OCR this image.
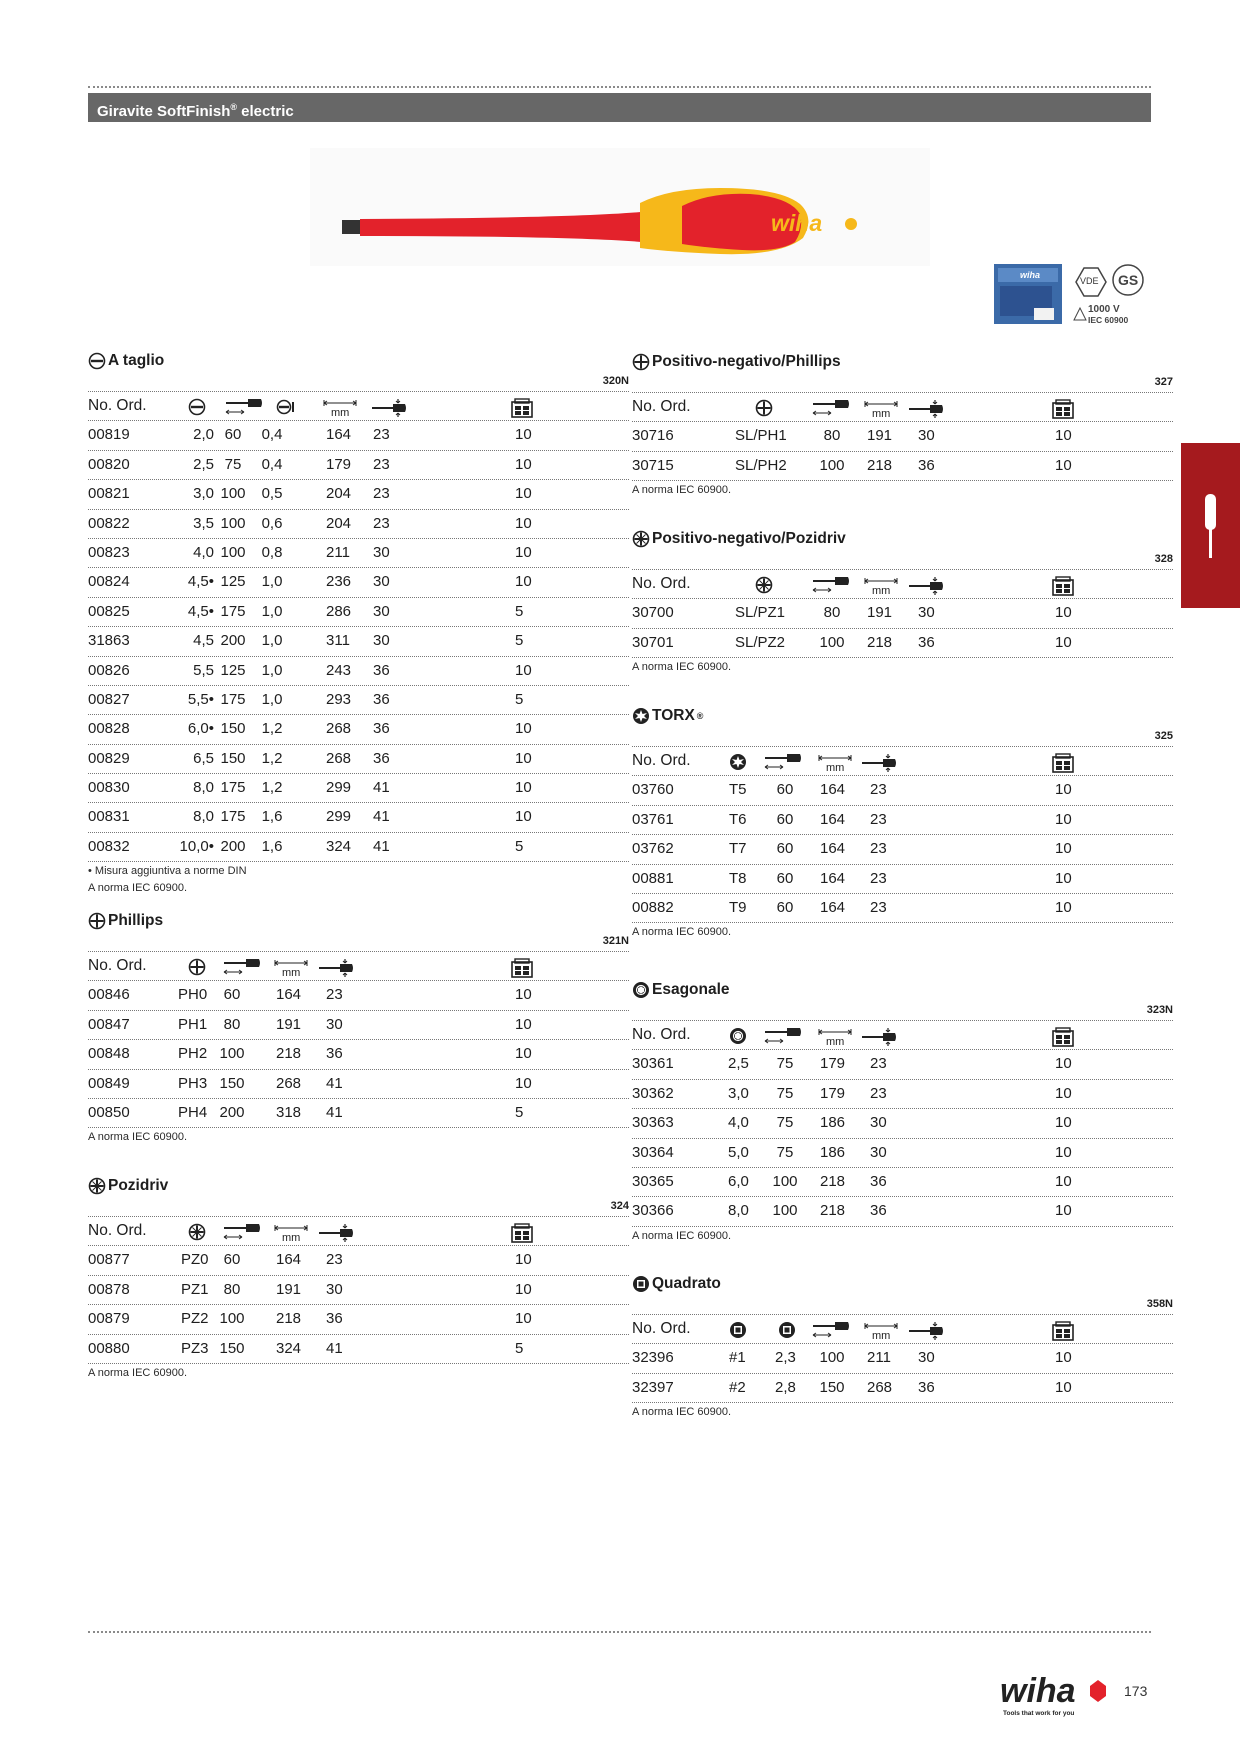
Giravite SoftFinish® electric
wiha
wiha
VDE GS
1000 V
IEC 60900
wiha
Tools that work for you
173
A taglio
320N
No. Ord.	mm
00819	2,0 60	0,4	164 23	10
00820	2,5 75	0,4	179 23	10
00821	3,0 100	0,5	204 23	10
00822	3,5 100	0,6	204 23	10
00823	4,0 100	0,8	211 30	10
00824	4,5• 125	1,0	236 30	10
00825	4,5• 175	1,0	286 30	5
31863	4,5 200	1,0	311 30	5
00826	5,5 125	1,0	243 36	10
00827	5,5• 175	1,0	293 36	5
00828	6,0• 150	1,2	268 36	10
00829	6,5 150	1,2	268 36	10
00830	8,0 175	1,2	299 41	10
00831	8,0 175	1,6	299 41	10
00832	10,0• 200	1,6	324 41	5
• Misura aggiuntiva a norme DIN
A norma IEC 60900.
Phillips
321N
No. Ord.	mm
00846	PH0	60	164 23	10
00847	PH1	80	191 30	10
00848	PH2 100	218 36	10
00849	PH3 150	268 41	10
00850	PH4 200	318 41	5
A norma IEC 60900.
Pozidriv
324
No. Ord.	mm
00877	PZ0	60	164 23	10
00878	PZ1	80	191 30	10
00879	PZ2 100	218 36	10
00880	PZ3 150	324 41	5
A norma IEC 60900.
Positivo-negativo/Phillips
327
No. Ord.	mm
30716	SL/PH1	80	191 30	10
30715	SL/PH2	100	218 36	10
A norma IEC 60900.
Positivo-negativo/Pozidriv
328
No. Ord.	mm
30700	SL/PZ1	80	191 30	10
30701	SL/PZ2	100	218 36	10
A norma IEC 60900.
TORX ®
325
No. Ord.	mm
03760	T5	60	164 23	10
03761	T6	60	164 23	10
03762	T7	60	164 23	10
00881	T8	60	164 23	10
00882	T9	60	164 23	10
A norma IEC 60900.
Esagonale
323N
No. Ord.	mm
30361	2,5	75	179 23	10
30362	3,0	75	179 23	10
30363	4,0	75	186 30	10
30364	5,0	75	186 30	10
30365	6,0	100	218 36	10
30366	8,0	100	218 36	10
A norma IEC 60900.
Quadrato
358N
No. Ord.	mm
32396	#1 2,3	100	211 30	10
32397	#2 2,8	150	268 36	10
A norma IEC 60900.
